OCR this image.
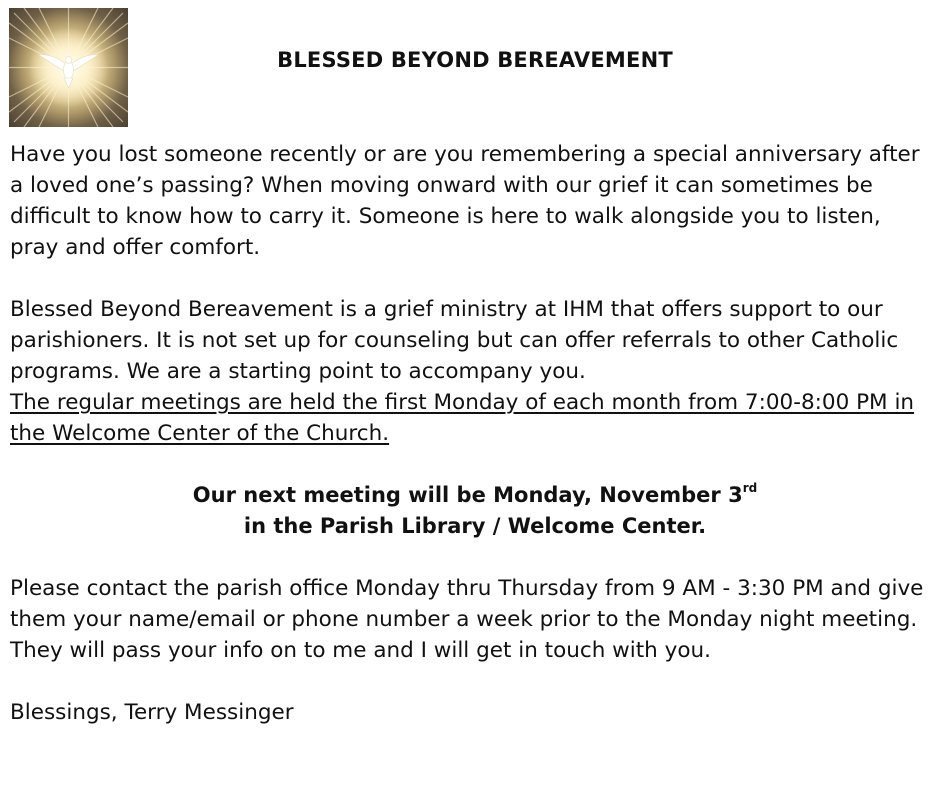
BLESSED BEYOND BEREAVEMENT

Have you lost someone recently or are you remembering a special anniversary after a loved one’s passing? When moving onward with our grief it can sometimes be difficult to know how to carry it. Someone is here to walk alongside you to listen, pray and offer comfort.

Blessed Beyond Bereavement is a grief ministry at IHM that offers support to our parishioners. It is not set up for counseling but can offer referrals to other Catholic programs. We are a starting point to accompany you.
The regular meetings are held the first Monday of each month from 7:00-8:00 PM in the Welcome Center of the Church.
Our next meeting will be Monday, November 3rd
in the Parish Library / Welcome Center.

Please contact the parish office Monday thru Thursday from 9 AM - 3:30 PM and give them your name/email or phone number a week prior to the Monday night meeting. They will pass your info on to me and I will get in touch with you.

Blessings, Terry Messinger
